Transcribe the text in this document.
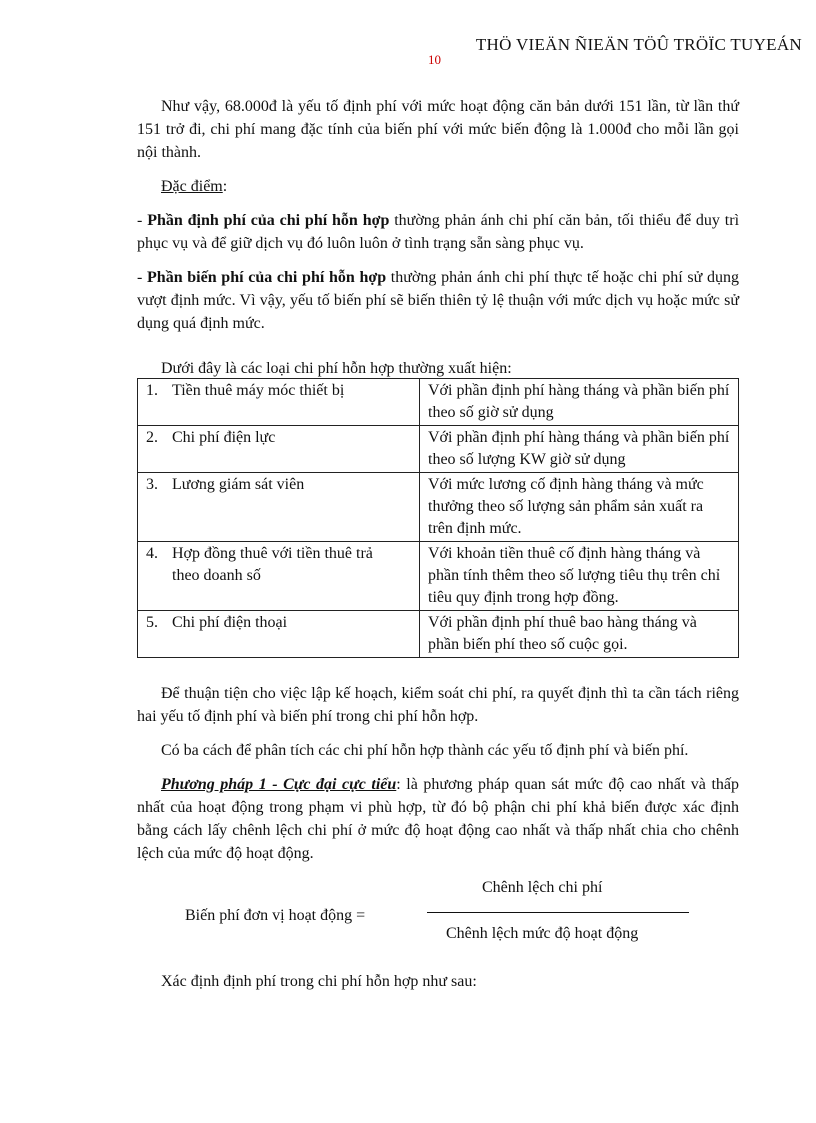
THÖ VIEÄN ÑIEÄN TÖÛ TRÖÏC TUYEÁN
10

Như vậy, 68.000đ là yếu tố định phí với mức hoạt động căn bản dưới 151 lần, từ lần thứ 151 trở đi, chi phí mang đặc tính của biến phí với mức biến động là 1.000đ cho mỗi lần gọi nội thành.

Đặc điểm:

- Phần định phí của chi phí hỗn hợp thường phản ánh chi phí căn bản, tối thiểu để duy trì phục vụ và để giữ dịch vụ đó luôn luôn ở tình trạng sẵn sàng phục vụ.

- Phần biến phí của chi phí hỗn hợp thường phản ánh chi phí thực tế hoặc chi phí sử dụng vượt định mức. Vì vậy, yếu tố biến phí sẽ biến thiên tỷ lệ thuận với mức dịch vụ hoặc mức sử dụng quá định mức.

Dưới đây là các loại chi phí hỗn hợp thường xuất hiện:

1. Tiền thuê máy móc thiết bị	Với phần định phí hàng tháng và phần biến phí theo số giờ sử dụng
2. Chi phí điện lực	Với phần định phí hàng tháng và phần biến phí theo số lượng KW giờ sử dụng
3. Lương giám sát viên	Với mức lương cố định hàng tháng và mức thưởng theo số lượng sản phẩm sản xuất ra trên định mức.
4. Hợp đồng thuê với tiền thuê trả theo doanh số	Với khoản tiền thuê cố định hàng tháng và phần tính thêm theo số lượng tiêu thụ trên chỉ tiêu quy định trong hợp đồng.
5. Chi phí điện thoại	Với phần định phí thuê bao hàng tháng và phần biến phí theo số cuộc gọi.

Để thuận tiện cho việc lập kế hoạch, kiểm soát chi phí, ra quyết định thì ta cần tách riêng hai yếu tố định phí và biến phí trong chi phí hỗn hợp.

Có ba cách để phân tích các chi phí hỗn hợp thành các yếu tố định phí và biến phí.

Phương pháp 1 - Cực đại cực tiểu: là phương pháp quan sát mức độ cao nhất và thấp nhất của hoạt động trong phạm vi phù hợp, từ đó bộ phận chi phí khả biến được xác định bằng cách lấy chênh lệch chi phí ở mức độ hoạt động cao nhất và thấp nhất chia cho chênh lệch của mức độ hoạt động.

Biến phí đơn vị hoạt động =
Chênh lệch chi phí
Chênh lệch mức độ hoạt động

Xác định định phí trong chi phí hỗn hợp như sau:
